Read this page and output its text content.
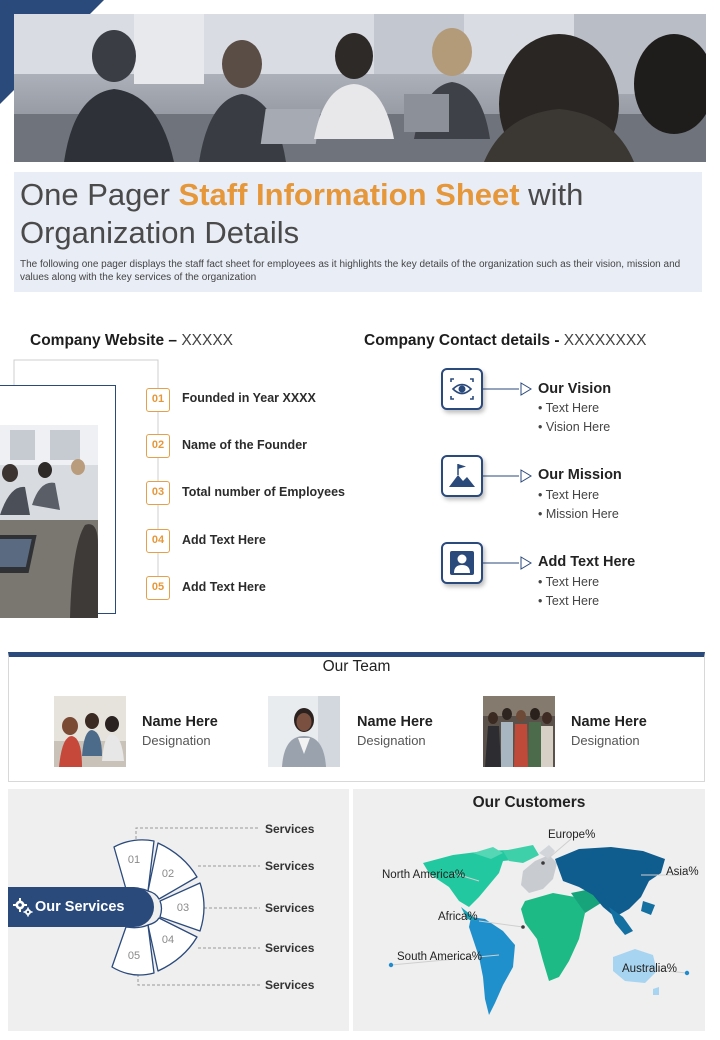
One Pager Staff Information Sheet with
Organization Details
The following one pager displays the staff fact sheet for employees as it highlights the key details of the organization such as their vision, mission and values along with the key services of the organization
Company Website – XXXXX
01	Founded in Year XXXX
02	Name of the Founder
03	Total number of Employees
04	Add Text Here
05	Add Text Here
Company Contact details - XXXXXXXX
Our Vision
• Text Here
• Vision Here
Our Mission
• Text Here
• Mission Here
Add Text Here
• Text Here
• Text Here
Our Team
Name Here
Designation
Name Here
Designation
Name Here
Designation
01
02
03
04
05
Our Services
Services
Services
Services
Services
Services
Our Customers
Europe%
North America%	Asia%
Africa%
South America%
Australia%
